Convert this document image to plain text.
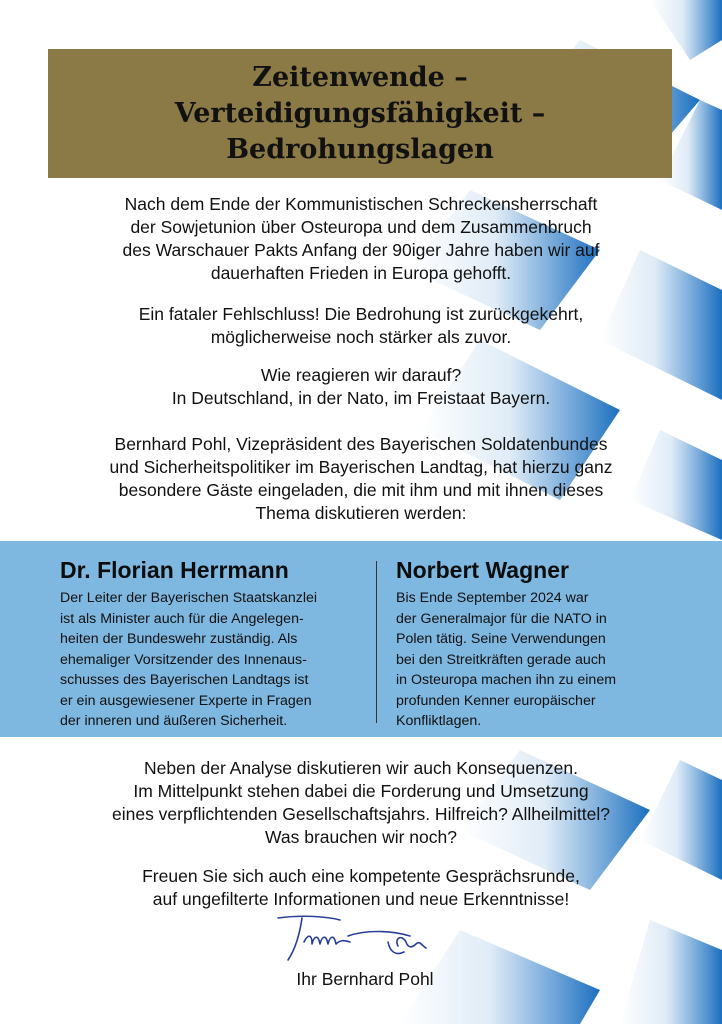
Zeitenwende –
Verteidigungsfähigkeit –
Bedrohungslagen
Nach dem Ende der Kommunistischen Schreckensherrschaft
der Sowjetunion über Osteuropa und dem Zusammenbruch
des Warschauer Pakts Anfang der 90iger Jahre haben wir auf
dauerhaften Frieden in Europa gehofft.
Ein fataler Fehlschluss! Die Bedrohung ist zurückgekehrt,
möglicherweise noch stärker als zuvor.
Wie reagieren wir darauf?
In Deutschland, in der Nato, im Freistaat Bayern.
Bernhard Pohl, Vizepräsident des Bayerischen Soldatenbundes
und Sicherheitspolitiker im Bayerischen Landtag, hat hierzu ganz
besondere Gäste eingeladen, die mit ihm und mit ihnen dieses
Thema diskutieren werden:
Dr. Florian Herrmann
Der Leiter der Bayerischen Staatskanzlei
ist als Minister auch für die Angelegen-
heiten der Bundeswehr zuständig. Als
ehemaliger Vorsitzender des Innenaus-
schusses des Bayerischen Landtags ist
er ein ausgewiesener Experte in Fragen
der inneren und äußeren Sicherheit.
Norbert Wagner
Bis Ende September 2024 war
der Generalmajor für die NATO in
Polen tätig. Seine Verwendungen
bei den Streitkräften gerade auch
in Osteuropa machen ihn zu einem
profunden Kenner europäischer
Konfliktlagen.
Neben der Analyse diskutieren wir auch Konsequenzen.
Im Mittelpunkt stehen dabei die Forderung und Umsetzung
eines verpflichtenden Gesellschaftsjahrs. Hilfreich? Allheilmittel?
Was brauchen wir noch?
Freuen Sie sich auch eine kompetente Gesprächsrunde,
auf ungefilterte Informationen und neue Erkenntnisse!
Ihr Bernhard Pohl
